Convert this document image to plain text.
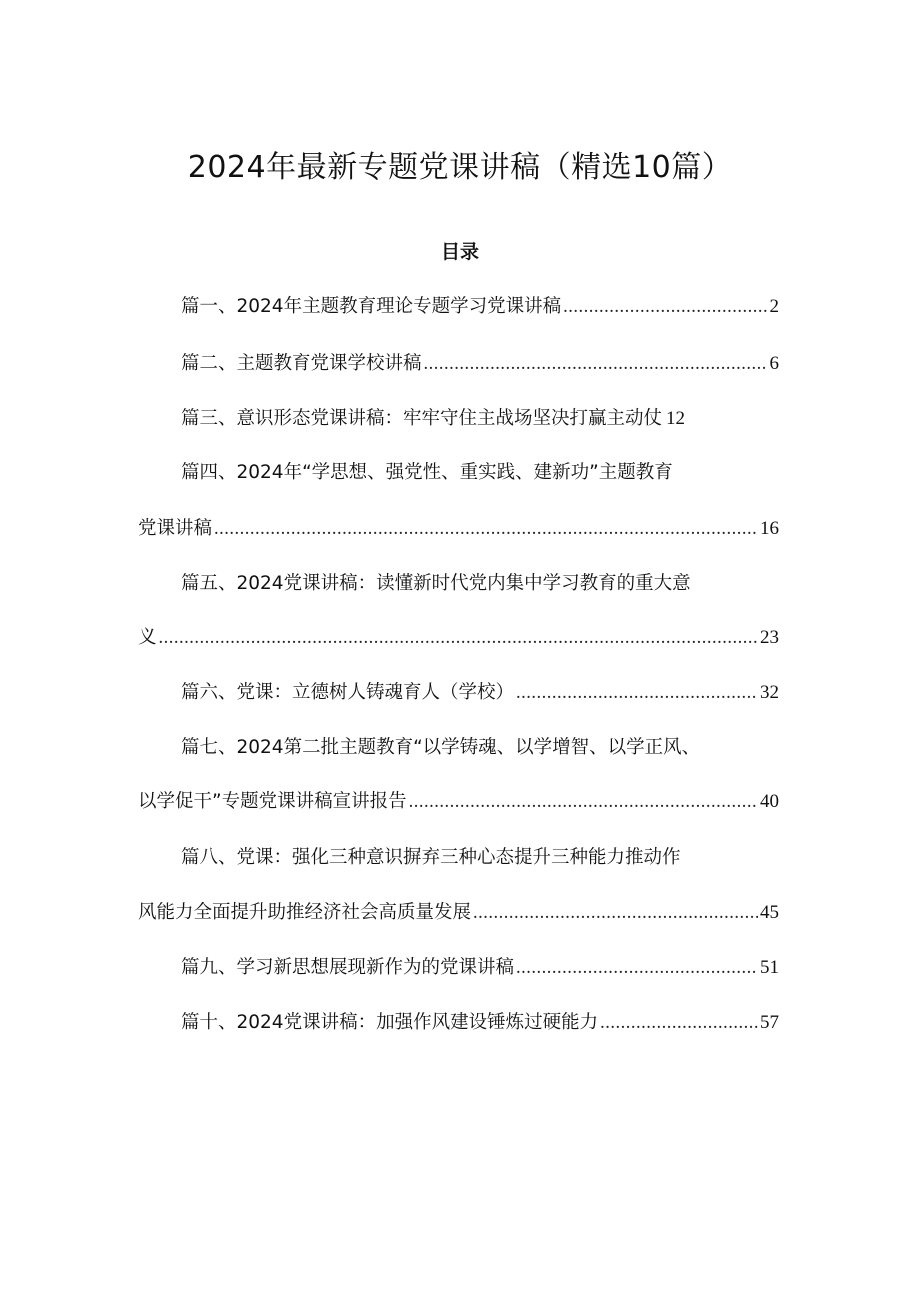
2024年最新专题党课讲稿（精选10篇）
目录
篇一、2024年主题教育理论专题学习党课讲稿 .....	2
篇二、主题教育党课学校讲稿 .....	6
篇三、意识形态党课讲稿：牢牢守住主战场坚决打赢主动仗 12
篇四、2024年“学思想、强党性、重实践、建新功”主题教育
党课讲稿 .....	16
篇五、2024党课讲稿：读懂新时代党内集中学习教育的重大意
义 .....	23
篇六、党课：立德树人铸魂育人（学校） .....	32
篇七、2024第二批主题教育“以学铸魂、以学增智、以学正风、
以学促干”专题党课讲稿宣讲报告 .....	40
篇八、党课：强化三种意识摒弃三种心态提升三种能力推动作
风能力全面提升助推经济社会高质量发展 .....	45
篇九、学习新思想展现新作为的党课讲稿 .....	51
篇十、2024党课讲稿：加强作风建设锤炼过硬能力 .....	57
